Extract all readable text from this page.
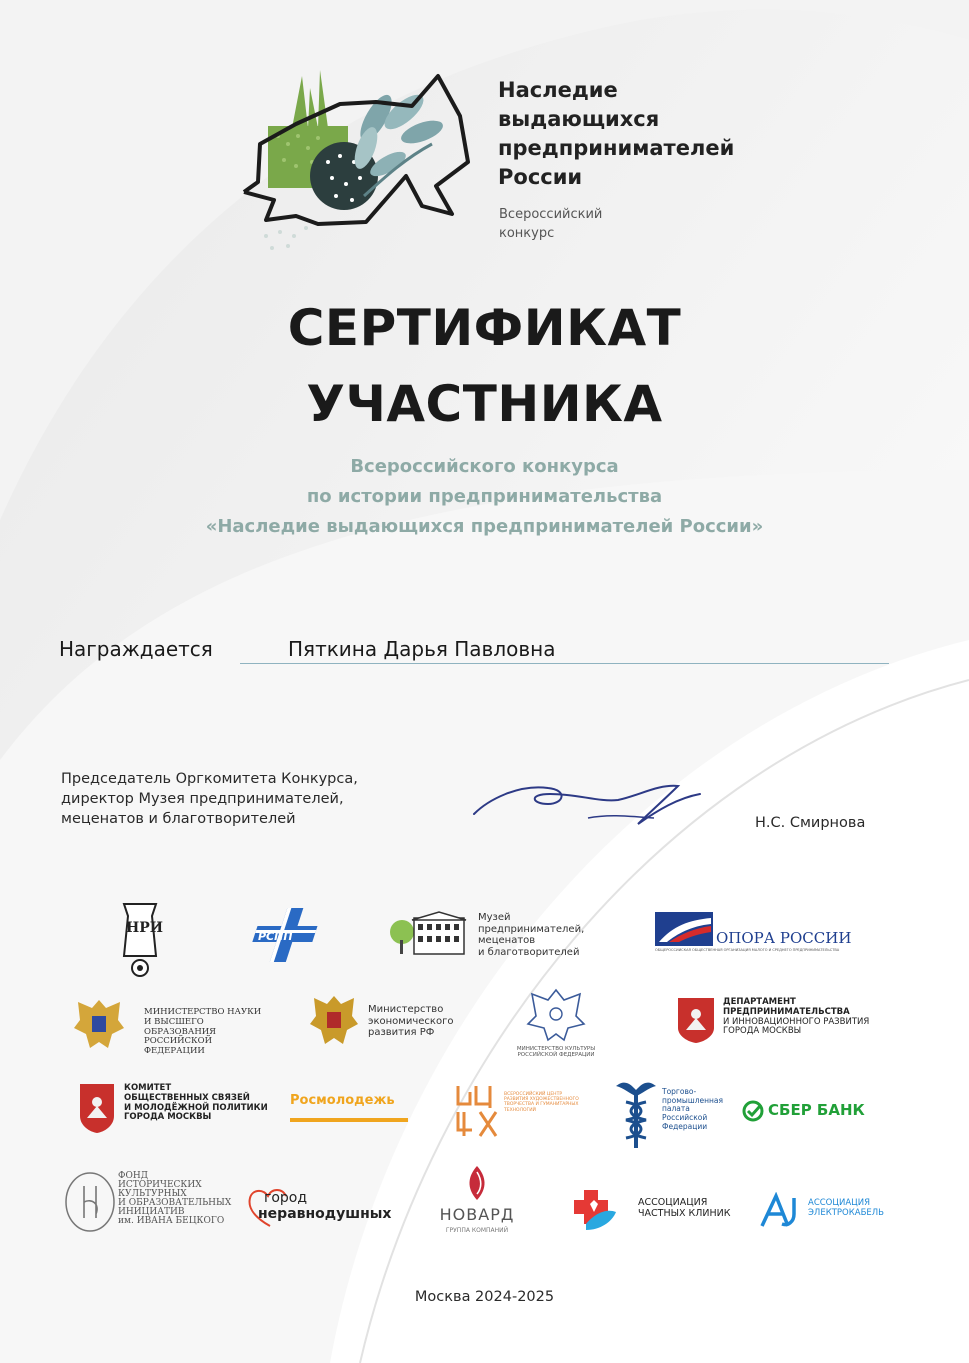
Наследие
выдающихся
предпринимателей
России
Всероссийский
конкурс
СЕРТИФИКАТ
УЧАСТНИКА
Всероссийского конкурса
по истории предпринимательства
«Наследие выдающихся предпринимателей России»
Награждается	Пяткина Дарья Павловна
Председатель Оргкомитета Конкурса,
директор Музея предпринимателей,
меценатов и благотворителей	Н.С. Смирнова
НРИ
РСПП
Музей
предпринимателей,
меценатов
и благотворителей
ОПОРА РОССИИ
ОБЩЕРОССИЙСКАЯ ОБЩЕСТВЕННАЯ ОРГАНИЗАЦИЯ МАЛОГО И СРЕДНЕГО ПРЕДПРИНИМАТЕЛЬСТВА
МИНИСТЕРСТВО НАУКИ
И ВЫСШЕГО ОБРАЗОВАНИЯ
РОССИЙСКОЙ ФЕДЕРАЦИИ
Министерство
экономического
развития РФ
МИНИСТЕРСТВО КУЛЬТУРЫ
РОССИЙСКОЙ ФЕДЕРАЦИИ
ДЕПАРТАМЕНТ
ПРЕДПРИНИМАТЕЛЬСТВА
И ИННОВАЦИОННОГО РАЗВИТИЯ
ГОРОДА МОСКВЫ
КОМИТЕТ
ОБЩЕСТВЕННЫХ СВЯЗЕЙ
И МОЛОДЁЖНОЙ ПОЛИТИКИ
ГОРОДА МОСКВЫ
Росмолодежь	ВСЕРОССИЙСКИЙ ЦЕНТР
РАЗВИТИЯ ХУДОЖЕСТВЕННОГО
ТВОРЧЕСТВА И ГУМАНИТАРНЫХ
ТЕХНОЛОГИЙ
Торгово-
промышленная
палата
Российской
Федерации
СБЕР БАНК
ФОНД
ИСТОРИЧЕСКИХ
КУЛЬТУРНЫХ
И ОБРАЗОВАТЕЛЬНЫХ
ИНИЦИАТИВ
им. ИВАНА БЕЦКОГО
город
неравнодушных	НОВАРД
ГРУППА КОМПАНИЙ
АССОЦИАЦИЯ
ЧАСТНЫХ КЛИНИК
АССОЦИАЦИЯ
ЭЛЕКТРОКАБЕЛЬ
Москва 2024-2025
